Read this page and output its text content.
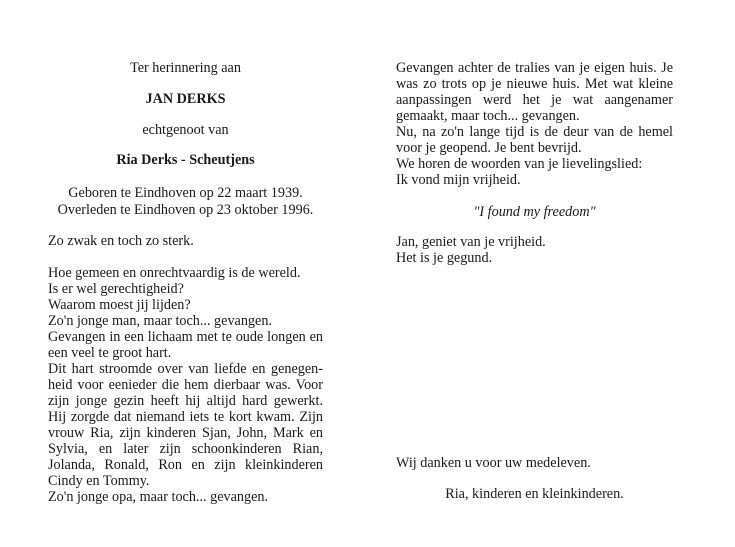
Ter herinnering aan
JAN DERKS
echtgenoot van
Ria Derks - Scheutjens
Geboren te Eindhoven op 22 maart 1939.
Overleden te Eindhoven op 23 oktober 1996.
Zo zwak en toch zo sterk.
Hoe gemeen en onrechtvaardig is de wereld.
Is er wel gerechtigheid?
Waarom moest jij lijden?
Zo'n jonge man, maar toch... gevangen.
Gevangen in een lichaam met te oude longen en
een veel te groot hart.
Dit hart stroomde over van liefde en genegen-
heid voor eenieder die hem dierbaar was. Voor
zijn jonge gezin heeft hij altijd hard gewerkt.
Hij zorgde dat niemand iets te kort kwam. Zijn
vrouw Ria, zijn kinderen Sjan, John, Mark en
Sylvia, en later zijn schoonkinderen Rian,
Jolanda, Ronald, Ron en zijn kleinkinderen
Cindy en Tommy.
Zo'n jonge opa, maar toch... gevangen.
Gevangen achter de tralies van je eigen huis. Je
was zo trots op je nieuwe huis. Met wat kleine
aanpassingen werd het je wat aangenamer
gemaakt, maar toch... gevangen.
Nu, na zo'n lange tijd is de deur van de hemel
voor je geopend. Je bent bevrijd.
We horen de woorden van je lievelingslied:
Ik vond mijn vrijheid.
"I found my freedom"
Jan, geniet van je vrijheid.
Het is je gegund.
Wij danken u voor uw medeleven.
Ria, kinderen en kleinkinderen.
